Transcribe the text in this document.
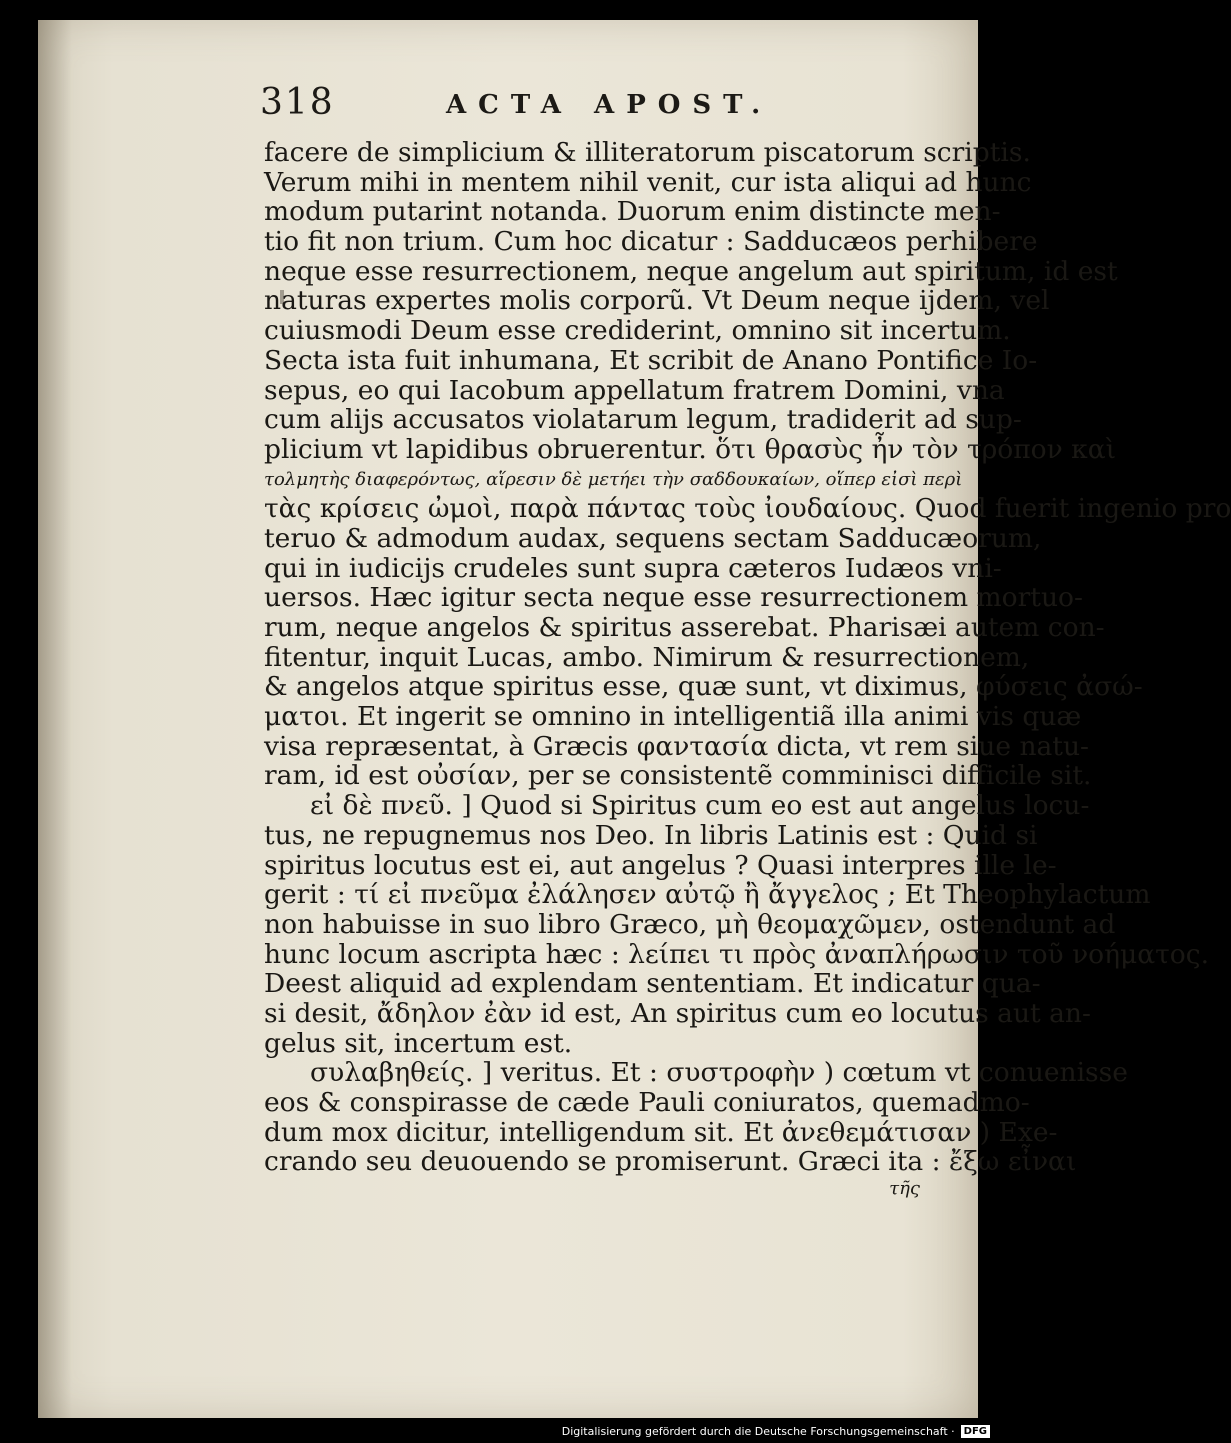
318	ACTA APOST.
facere de simplicium & illiteratorum piscatorum scriptis.
Verum mihi in mentem nihil venit, cur ista aliqui ad hunc
modum putarint notanda. Duorum enim distincte men-
tio fit non trium. Cum hoc dicatur : Sadducæos perhibere
neque esse resurrectionem, neque angelum aut spiritum, id est
naturas expertes molis corporũ. Vt Deum neque ijdem, vel
cuiusmodi Deum esse crediderint, omnino sit incertum.
Secta ista fuit inhumana, Et scribit de Anano Pontifice Io-
sepus, eo qui Iacobum appellatum fratrem Domini, vna
cum alijs accusatos violatarum legum, tradiderit ad sup-
plicium vt lapidibus obruerentur. ὅτι θρασὺς ἦν τὸν τρόπον καὶ
τολμητὴς διαφερόντως, αἵρεσιν δὲ μετήει τὴν σαδδουκαίων, οἵπερ εἰσὶ περὶ
τὰς κρίσεις ὠμοὶ, παρὰ πάντας τοὺς ἰουδαίους. Quod fuerit ingenio pro
teruo & admodum audax, sequens sectam Sadducæorum,
qui in iudicijs crudeles sunt supra cæteros Iudæos vni-
uersos. Hæc igitur secta neque esse resurrectionem mortuo-
rum, neque angelos & spiritus asserebat. Pharisæi autem con-
fitentur, inquit Lucas, ambo. Nimirum & resurrectionem,
& angelos atque spiritus esse, quæ sunt, vt diximus, φύσεις ἀσώ-
ματοι. Et ingerit se omnino in intelligentiã illa animi vis quæ
visa repræsentat, à Græcis φαντασία dicta, vt rem siue natu-
ram, id est οὐσίαν, per se consistentẽ comminisci difficile sit.
εἰ δὲ πνεῦ. ] Quod si Spiritus cum eo est aut angelus locu-
tus, ne repugnemus nos Deo. In libris Latinis est : Quid si
spiritus locutus est ei, aut angelus ? Quasi interpres ille le-
gerit : τί εἰ πνεῦμα ἐλάλησεν αὐτῷ ἢ ἄγγελος ; Et Theophylactum
non habuisse in suo libro Græco, μὴ θεομαχῶμεν, ostendunt ad
hunc locum ascripta hæc : λείπει τι πρὸς ἀναπλήρωσιν τοῦ νοήματος.
Deest aliquid ad explendam sententiam. Et indicatur qua-
si desit, ἄδηλον ἐὰν id est, An spiritus cum eo locutus aut an-
gelus sit, incertum est.
συλαβηθείς. ] veritus. Et : συστροφὴν ) cœtum vt conuenisse
eos & conspirasse de cæde Pauli coniuratos, quemadmo-
dum mox dicitur, intelligendum sit. Et ἀνεθεμάτισαν ) Exe-
crando seu deuouendo se promiserunt. Græci ita : ἔξω εἶναι
τῆς
Digitalisierung gefördert durch die Deutsche Forschungsgemeinschaft · DFG
